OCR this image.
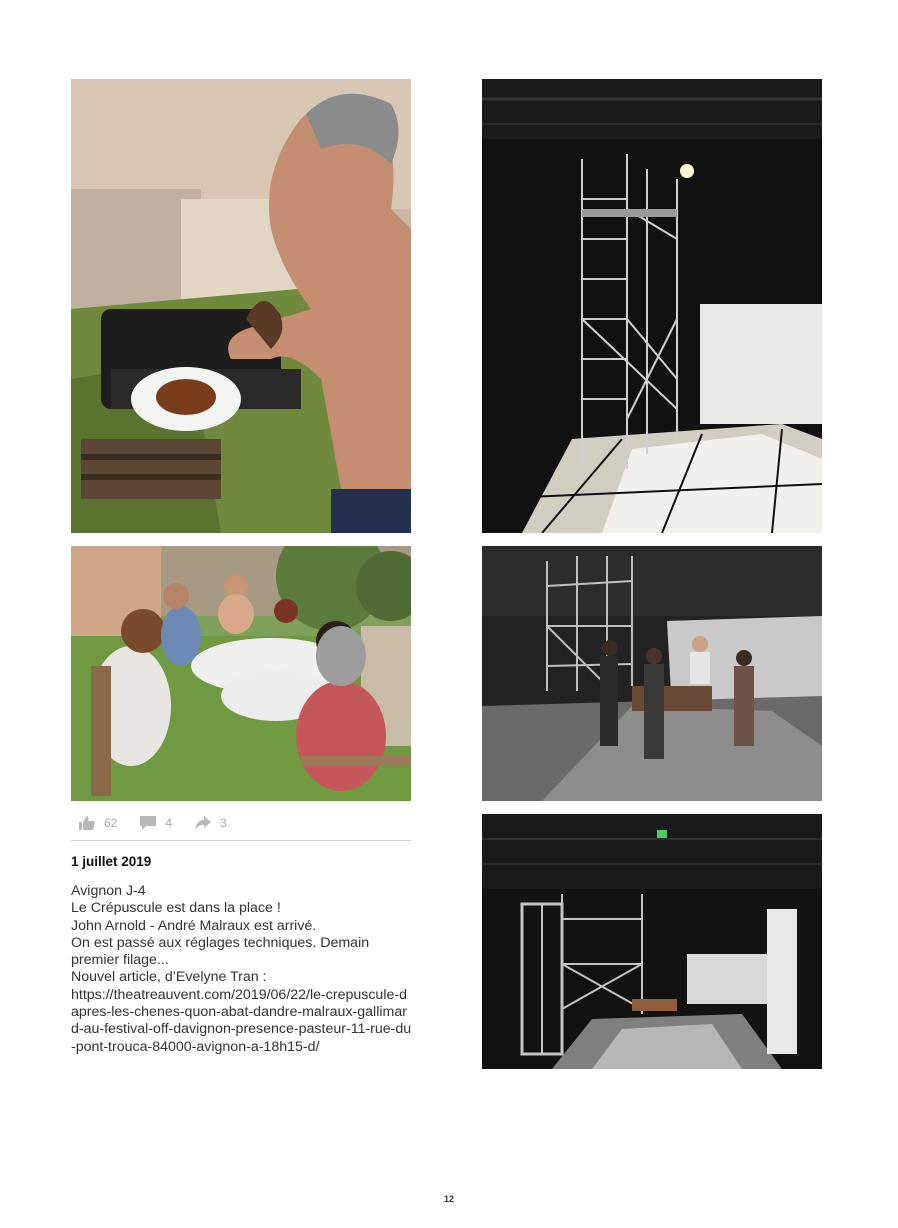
62	4	3
1 juillet 2019
Avignon J-4
Le Crépuscule est dans la place !
John Arnold - André Malraux est arrivé.
On est passé aux réglages techniques. Demain premier filage...
Nouvel article, d’Evelyne Tran :
https://theatreauvent.com/2019/06/22/le-crepuscule-dapres-les-chenes-quon-abat-dandre-malraux-gallimard-au-festival-off-davignon-presence-pasteur-11-rue-du-pont-trouca-84000-avignon-a-18h15-d/
12
